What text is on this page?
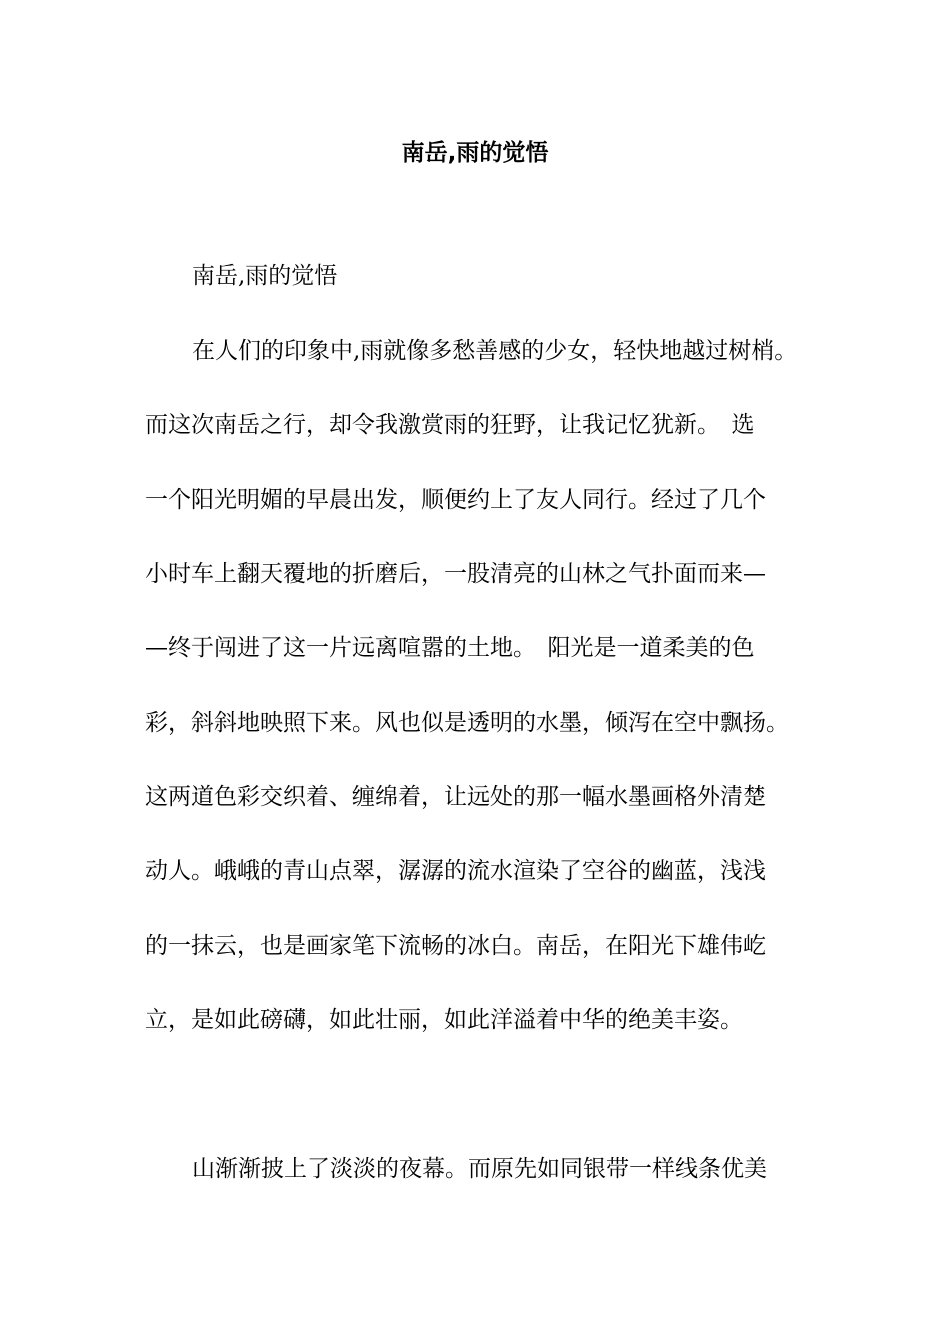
南岳,雨的觉悟

南岳,雨的觉悟

在人们的印象中,雨就像多愁善感的少女，轻快地越过树梢。

而这次南岳之行，却令我激赏雨的狂野，让我记忆犹新。　选

一个阳光明媚的早晨出发，顺便约上了友人同行。经过了几个

小时车上翻天覆地的折磨后，一股清亮的山林之气扑面而来—

—终于闯进了这一片远离喧嚣的土地。　阳光是一道柔美的色

彩，斜斜地映照下来。风也似是透明的水墨，倾泻在空中飘扬。

这两道色彩交织着、缠绵着，让远处的那一幅水墨画格外清楚

动人。峨峨的青山点翠，潺潺的流水渲染了空谷的幽蓝，浅浅

的一抹云，也是画家笔下流畅的冰白。南岳，在阳光下雄伟屹

立，是如此磅礴，如此壮丽，如此洋溢着中华的绝美丰姿。

山渐渐披上了淡淡的夜幕。而原先如同银带一样线条优美
